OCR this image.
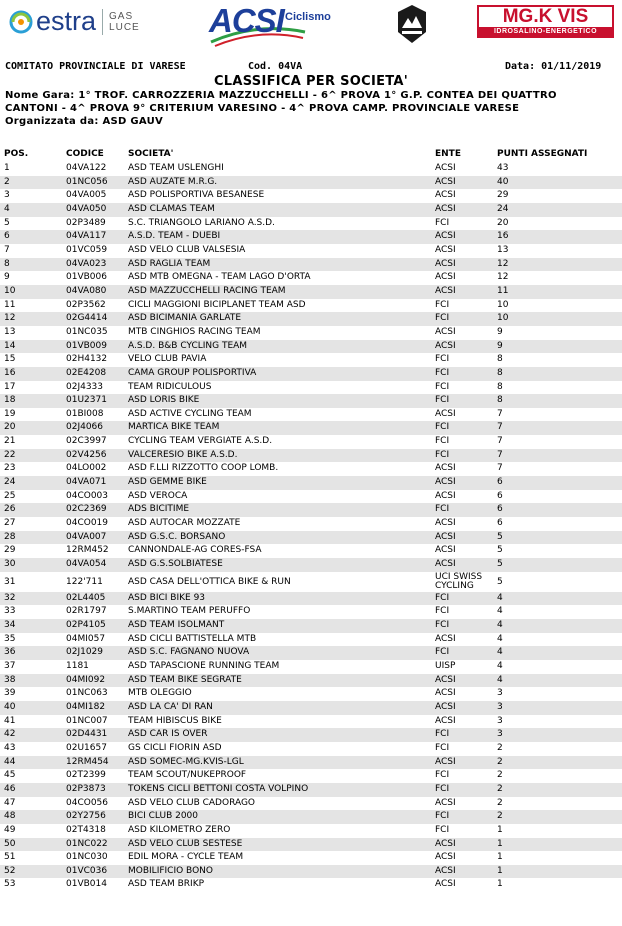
estra GAS
LUCE ACSI Ciclismo	MG.K VIS
IDROSALINO-ENERGETICO
COMITATO PROVINCIALE DI VARESE	Cod. 04VA	Data: 01/11/2019
CLASSIFICA PER SOCIETA'
Nome Gara: 1° TROF. CARROZZERIA MAZZUCCHELLI - 6^ PROVA 1° G.P. CONTEA DEI QUATTRO
CANTONI - 4^ PROVA 9° CRITERIUM VARESINO - 4^ PROVA CAMP. PROVINCIALE VARESE
Organizzata da: ASD GAUV
POS.	CODICE	SOCIETA'	ENTE	PUNTI ASSEGNATI
1	04VA122 ASD TEAM USLENGHI	ACSI	43
2	01NC056 ASD AUZATE M.R.G.	ACSI	40
3	04VA005 ASD POLISPORTIVA BESANESE	ACSI	29
4	04VA050 ASD CLAMAS TEAM	ACSI	24
5	02P3489 S.C. TRIANGOLO LARIANO A.S.D.	FCI	20
6	04VA117 A.S.D. TEAM - DUEBI	ACSI	16
7	01VC059 ASD VELO CLUB VALSESIA	ACSI	13
8	04VA023 ASD RAGLIA TEAM	ACSI	12
9	01VB006 ASD MTB OMEGNA - TEAM LAGO D'ORTA	ACSI	12
10	04VA080 ASD MAZZUCCHELLI RACING TEAM	ACSI	11
11	02P3562 CICLI MAGGIONI BICIPLANET TEAM ASD	FCI	10
12	02G4414 ASD BICIMANIA GARLATE	FCI	10
13	01NC035 MTB CINGHIOS RACING TEAM	ACSI	9
14	01VB009 A.S.D. B&B CYCLING TEAM	ACSI	9
15	02H4132 VELO CLUB PAVIA	FCI	8
16	02E4208 CAMA GROUP POLISPORTIVA	FCI	8
17	02J4333	TEAM RIDICULOUS	FCI	8
18	01U2371 ASD LORIS BIKE	FCI	8
19	01BI008	ASD ACTIVE CYCLING TEAM	ACSI	7
20	02J4066	MARTICA BIKE TEAM	FCI	7
21	02C3997 CYCLING TEAM VERGIATE A.S.D.	FCI	7
22	02V4256 VALCERESIO BIKE A.S.D.	FCI	7
23	04LO002 ASD F.LLI RIZZOTTO COOP LOMB.	ACSI	7
24	04VA071 ASD GEMME BIKE	ACSI	6
25	04CO003 ASD VEROCA	ACSI	6
26	02C2369 ADS BICITIME	FCI	6
27	04CO019 ASD AUTOCAR MOZZATE	ACSI	6
28	04VA007 ASD G.S.C. BORSANO	ACSI	5
29	12RM452 CANNONDALE-AG CORES-FSA	ACSI	5
30	04VA054 ASD G.S.SOLBIATESE	ACSI	5
31	122'711	ASD CASA DELL'OTTICA BIKE & RUN	UCI SWISS CYCLING	5
32	02L4405	ASD BICI BIKE 93	FCI	4
33	02R1797 S.MARTINO TEAM PERUFFO	FCI	4
34	02P4105 ASD TEAM ISOLMANT	FCI	4
35	04MI057	ASD CICLI BATTISTELLA MTB	ACSI	4
36	02J1029	ASD S.C. FAGNANO NUOVA	FCI	4
37	1181	ASD TAPASCIONE RUNNING TEAM	UISP	4
38	04MI092	ASD TEAM BIKE SEGRATE	ACSI	4
39	01NC063 MTB OLEGGIO	ACSI	3
40	04MI182	ASD LA CA' DI RAN	ACSI	3
41	01NC007 TEAM HIBISCUS BIKE	ACSI	3
42	02D4431 ASD CAR IS OVER	FCI	3
43	02U1657 GS CICLI FIORIN ASD	FCI	2
44	12RM454 ASD SOMEC-MG.KVIS-LGL	ACSI	2
45	02T2399 TEAM SCOUT/NUKEPROOF	FCI	2
46	02P3873 TOKENS CICLI BETTONI COSTA VOLPINO	FCI	2
47	04CO056 ASD VELO CLUB CADORAGO	ACSI	2
48	02Y2756 BICI CLUB 2000	FCI	2
49	02T4318 ASD KILOMETRO ZERO	FCI	1
50	01NC022 ASD VELO CLUB SESTESE	ACSI	1
51	01NC030 EDIL MORA - CYCLE TEAM	ACSI	1
52	01VC036 MOBILIFICIO BONO	ACSI	1
53	01VB014 ASD TEAM BRIKP	ACSI	1
